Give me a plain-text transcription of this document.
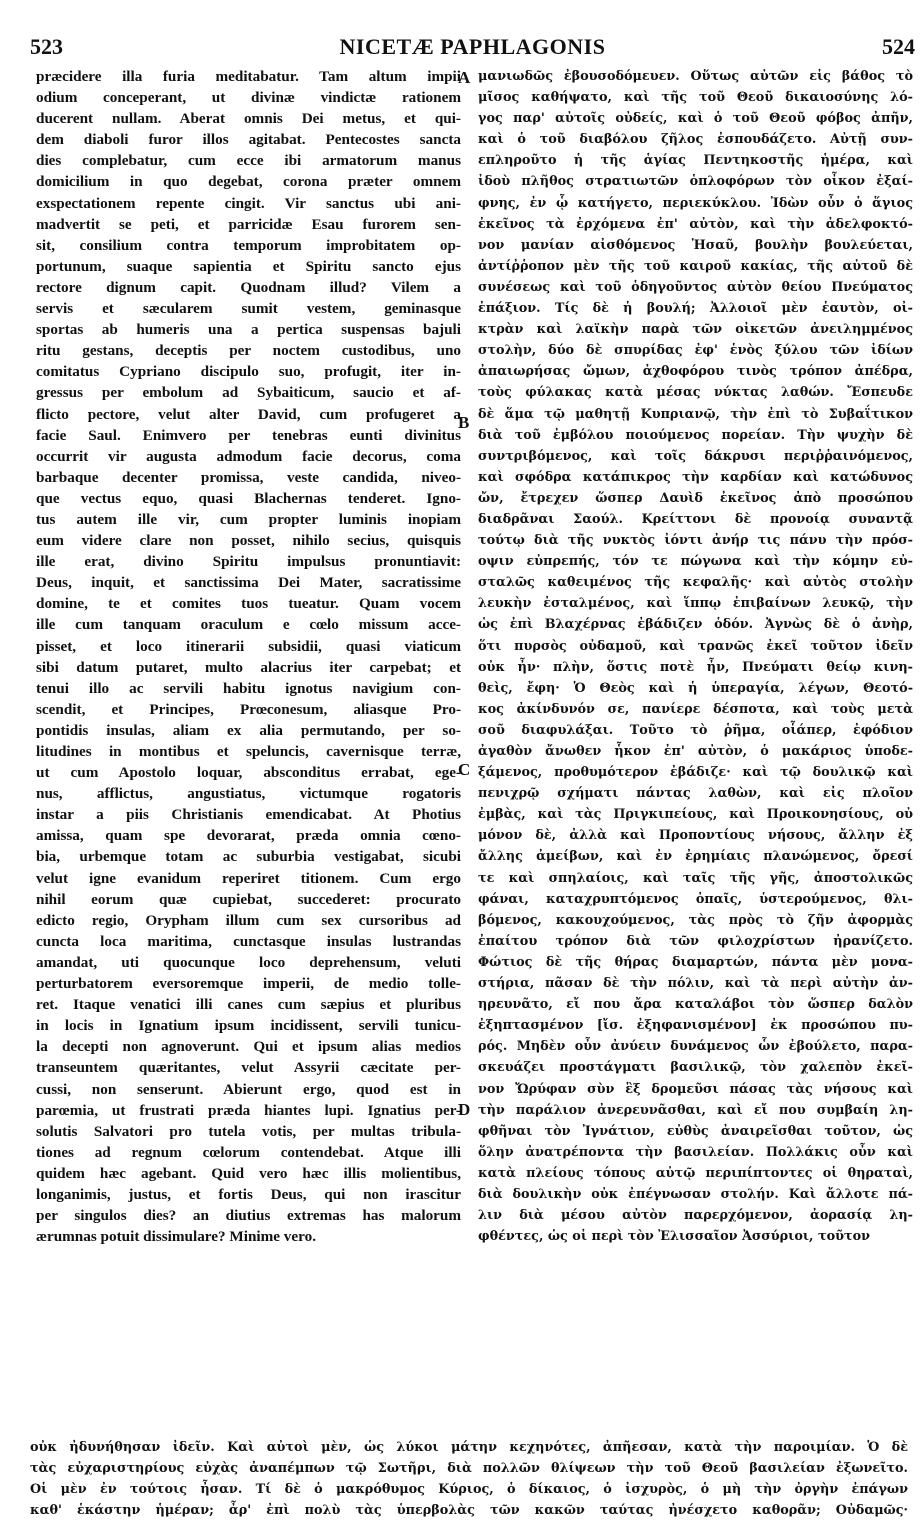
523	NICETÆ PAPHLAGONIS	524
præcidere illa furia meditabatur. Tam altum impii
odium conceperant, ut divinæ vindictæ rationem
ducerent nullam. Aberat omnis Dei metus, et qui-
dem diaboli furor illos agitabat. Pentecostes sancta
dies complebatur, cum ecce ibi armatorum manus
domicilium in quo degebat, corona præter omnem
exspectationem repente cingit. Vir sanctus ubi ani-
madvertit se peti, et parricidæ Esau furorem sen-
sit, consilium contra temporum improbitatem op-
portunum, suaque sapientia et Spiritu sancto ejus
rectore dignum capit. Quodnam illud? Vilem a
servis et sæcularem sumit vestem, geminasque
sportas ab humeris una a pertica suspensas bajuli
ritu gestans, deceptis per noctem custodibus, uno
comitatus Cypriano discipulo suo, profugit, iter in-
gressus per embolum ad Sybaiticum, saucio et af-
flicto pectore, velut alter David, cum profugeret a
facie Saul. Enimvero per tenebras eunti divinitus
occurrit vir augusta admodum facie decorus, coma
barbaque decenter promissa, veste candida, niveo-
que vectus equo, quasi Blachernas tenderet. Igno-
tus autem ille vir, cum propter luminis inopiam
eum videre clare non posset, nihilo secius, quisquis
ille erat, divino Spiritu impulsus pronuntiavit:
Deus, inquit, et sanctissima Dei Mater, sacratissime
domine, te et comites tuos tueatur. Quam vocem
ille cum tanquam oraculum e cœlo missum acce-
pisset, et loco itinerarii subsidii, quasi viaticum
sibi datum putaret, multo alacrius iter carpebat; et
tenui illo ac servili habitu ignotus navigium con-
scendit, et Principes, Prœconesum, aliasque Pro-
pontidis insulas, aliam ex alia permutando, per so-
litudines in montibus et speluncis, cavernisque terræ,
ut cum Apostolo loquar, absconditus errabat, ege-
nus, afflictus, angustiatus, victumque rogatoris
instar a piis Christianis emendicabat. At Photius
amissa, quam spe devorarat, præda omnia cœno-
bia, urbemque totam ac suburbia vestigabat, sicubi
velut igne evanidum reperiret titionem. Cum ergo
nihil eorum quæ cupiebat, succederet: procurato
edicto regio, Orypham illum cum sex cursoribus ad
cuncta loca maritima, cunctasque insulas lustrandas
amandat, uti quocunque loco deprehensum, veluti
perturbatorem eversoremque imperii, de medio tolle-
ret. Itaque venatici illi canes cum sæpius et pluribus
in locis in Ignatium ipsum incidissent, servili tunicu-
la decepti non agnoverunt. Qui et ipsum alias medios
transeuntem quæritantes, velut Assyrii cæcitate per-
cussi, non senserunt. Abierunt ergo, quod est in
parœmia, ut frustrati præda hiantes lupi. Ignatius per-
solutis Salvatori pro tutela votis, per multas tribula-
tiones ad regnum cœlorum contendebat. Atque illi
quidem hæc agebant. Quid vero hæc illis molientibus,
longanimis, justus, et fortis Deus, qui non irascitur
per singulos dies? an diutius extremas has malorum
ærumnas potuit dissimulare? Minime vero.
A
B
C
D
μανιωδῶς ἐβουσοδόμευεν. Οὕτως αὐτῶν εἰς βάθος τὸ
μῖσος καθήψατο, καὶ τῆς τοῦ Θεοῦ δικαιοσύνης λό-
γος παρ' αὐτοῖς οὐδείς, καὶ ὁ τοῦ Θεοῦ φόβος ἀπῆν,
καὶ ὁ τοῦ διαβόλου ζῆλος ἐσπουδάζετο. Αὐτῇ συν-
επληροῦτο ἡ τῆς ἁγίας Πεντηκοστῆς ἡμέρα, καὶ
ἰδοὺ πλῆθος στρατιωτῶν ὁπλοφόρων τὸν οἶκον ἐξαί-
φνης, ἐν ᾧ κατήγετο, περιεκύκλου. Ἰδὼν οὖν ὁ ἅγιος
ἐκεῖνος τὰ ἐρχόμενα ἐπ' αὐτὸν, καὶ τὴν ἀδελφοκτό-
νον μανίαν αἰσθόμενος Ἡσαῦ, βουλὴν βουλεύεται,
ἀντίῤῥοπον μὲν τῆς τοῦ καιροῦ κακίας, τῆς αὐτοῦ δὲ
συνέσεως καὶ τοῦ ὁδηγοῦντος αὐτὸν θείου Πνεύματος
ἐπάξιον. Τίς δὲ ἡ βουλή; Ἀλλοιοῖ μὲν ἑαυτὸν, οἰ-
κτρὰν καὶ λαϊκὴν παρὰ τῶν οἰκετῶν ἀνειλημμένος
στολὴν, δύο δὲ σπυρίδας ἐφ' ἑνὸς ξύλου τῶν ἰδίων
ἀπαιωρήσας ὤμων, ἀχθοφόρου τινὸς τρόπον ἀπέδρα,
τοὺς φύλακας κατὰ μέσας νύκτας λαθών. Ἔσπευδε
δὲ ἅμα τῷ μαθητῇ Κυπριανῷ, τὴν ἐπὶ τὸ Συβαΐτικον
διὰ τοῦ ἐμβόλου ποιούμενος πορείαν. Τὴν ψυχὴν δὲ
συντριβόμενος, καὶ τοῖς δάκρυσι περιῤῥαινόμενος,
καὶ σφόδρα κατάπικρος τὴν καρδίαν καὶ κατώδυνος
ὤν, ἔτρεχεν ὥσπερ Δαυὶδ ἐκεῖνος ἀπὸ προσώπου
διαδρᾶναι Σαούλ. Κρείττονι δὲ προνοίᾳ συναντᾷ
τούτῳ διὰ τῆς νυκτὸς ἰόντι ἀνήρ τις πάνυ τὴν πρόσ-
οψιν εὐπρεπής, τόν τε πώγωνα καὶ τὴν κόμην εὐ-
σταλῶς καθειμένος τῆς κεφαλῆς· καὶ αὐτὸς στολὴν
λευκὴν ἐσταλμένος, καὶ ἵππῳ ἐπιβαίνων λευκῷ, τὴν
ὡς ἐπὶ Βλαχέρνας ἐβάδιζεν ὁδόν. Ἀγνὼς δὲ ὁ ἀνὴρ,
ὅτι πυρσὸς οὐδαμοῦ, καὶ τρανῶς ἐκεῖ τοῦτον ἰδεῖν
οὐκ ἦν· πλὴν, ὅστις ποτὲ ἦν, Πνεύματι θείῳ κινη-
θεὶς, ἔφη· Ὁ Θεὸς καὶ ἡ ὑπεραγία, λέγων, Θεοτό-
κος ἀκίνδυνόν σε, πανίερε δέσποτα, καὶ τοὺς μετὰ
σοῦ διαφυλάξαι. Τοῦτο τὸ ῥῆμα, οἷάπερ, ἐφόδιον
ἀγαθὸν ἄνωθεν ἧκον ἐπ' αὐτὸν, ὁ μακάριος ὑποδε-
ξάμενος, προθυμότερον ἐβάδιζε· καὶ τῷ δουλικῷ καὶ
πενιχρῷ σχήματι πάντας λαθὼν, καὶ εἰς πλοῖον
ἐμβὰς, καὶ τὰς Πριγκιπείους, καὶ Προικονησίους, οὐ
μόνον δὲ, ἀλλὰ καὶ Προποντίους νήσους, ἄλλην ἐξ
ἄλλης ἀμείβων, καὶ ἐν ἐρημίαις πλανώμενος, ὄρεσί
τε καὶ σπηλαίοις, καὶ ταῖς τῆς γῆς, ἀποστολικῶς
φάναι, καταχρυπτόμενος ὀπαῖς, ὑστερούμενος, θλι-
βόμενος, κακουχούμενος, τὰς πρὸς τὸ ζῆν ἀφορμὰς
ἐπαίτου τρόπον διὰ τῶν φιλοχρίστων ἠρανίζετο.
Φώτιος δὲ τῆς θήρας διαμαρτών, πάντα μὲν μονα-
στήρια, πᾶσαν δὲ τὴν πόλιν, καὶ τὰ περὶ αὐτὴν ἀν-
ηρευνᾶτο, εἴ που ἄρα καταλάβοι τὸν ὥσπερ δαλὸν
ἐξηπτασμένον [ἴσ. ἐξηφανισμένον] ἐκ προσώπου πυ-
ρός. Μηδὲν οὖν ἀνύειν δυνάμενος ὧν ἐβούλετο, παρα-
σκευάζει προστάγματι βασιλικῷ, τὸν χαλεπὸν ἐκεῖ-
νον Ὤρύφαν σὺν ἓξ δρομεῦσι πάσας τὰς νήσους καὶ
τὴν παράλιον ἀνερευνᾶσθαι, καὶ εἴ που συμβαίη λη-
φθῆναι τὸν Ἰγνάτιον, εὐθὺς ἀναιρεῖσθαι τοῦτον, ὡς
ὅλην ἀνατρέποντα τὴν βασιλείαν. Πολλάκις οὖν καὶ
κατὰ πλείους τόπους αὐτῷ περιπίπτοντες οἱ θηραταὶ,
διὰ δουλικὴν οὐκ ἐπέγνωσαν στολήν. Καὶ ἄλλοτε πά-
λιν διὰ μέσου αὐτὸν παρερχόμενον, ἀορασίᾳ λη-
φθέντες, ὡς οἱ περὶ τὸν Ἐλισσαῖον Ἀσσύριοι, τοῦτον
οὐκ ἠδυνήθησαν ἰδεῖν. Καὶ αὐτοὶ μὲν, ὡς λύκοι μάτην κεχηνότες, ἀπῆεσαν, κατὰ τὴν παροιμίαν. Ὁ δὲ
τὰς εὐχαριστηρίους εὐχὰς ἀναπέμπων τῷ Σωτῆρι, διὰ πολλῶν θλίψεων τὴν τοῦ Θεοῦ βασιλείαν ἐξωνεῖτο.
Οἱ μὲν ἐν τούτοις ἦσαν. Τί δὲ ὁ μακρόθυμος Κύριος, ὁ δίκαιος, ὁ ἰσχυρὸς, ὁ μὴ τὴν ὀργὴν ἐπάγων
καθ' ἑκάστην ἡμέραν; ἆρ' ἐπὶ πολὺ τὰς ὑπερβολὰς τῶν κακῶν ταύτας ἠνέσχετο καθορᾶν; Οὐδαμῶς·
